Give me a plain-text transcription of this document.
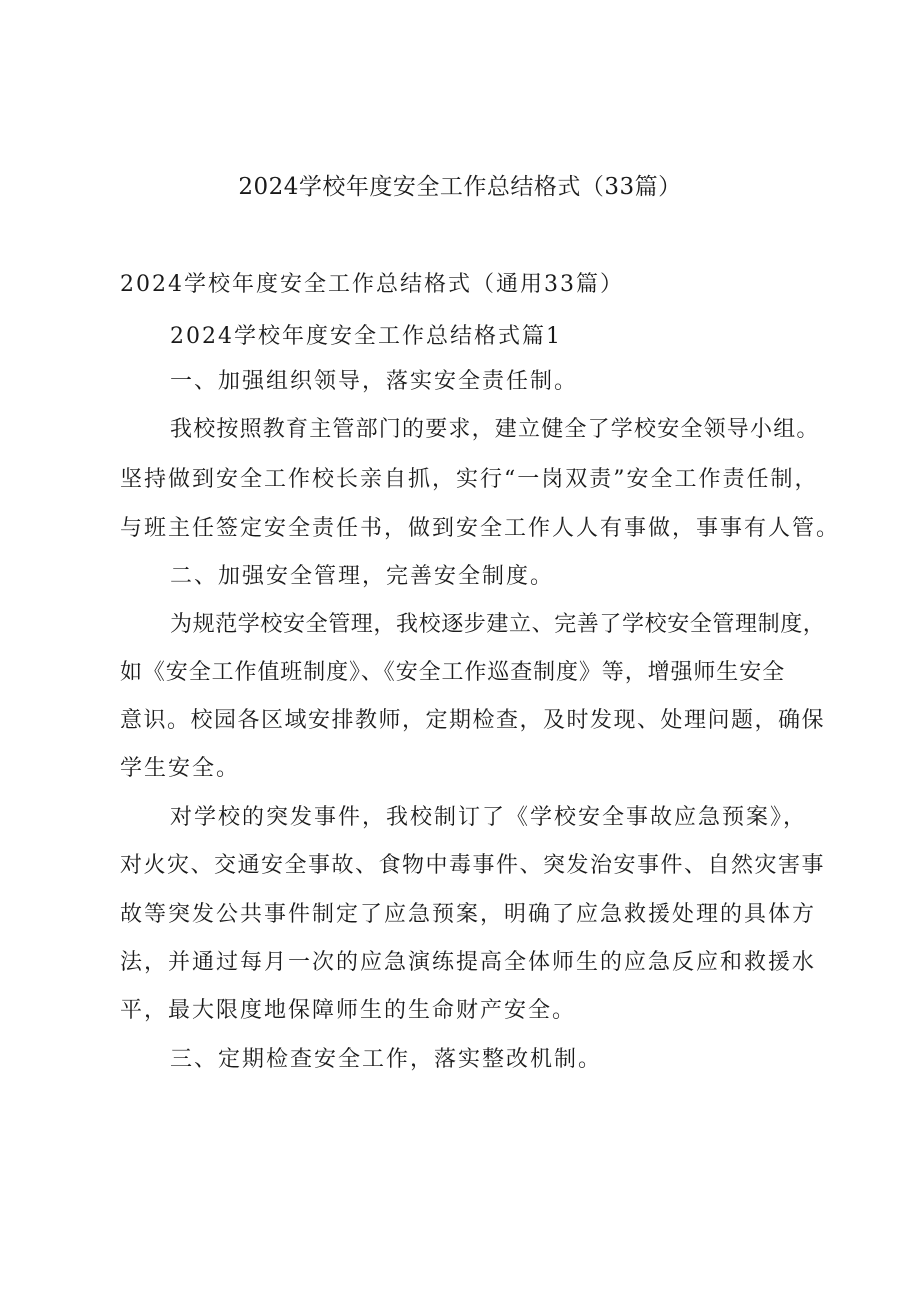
2024学校年度安全工作总结格式（33篇）
2024学校年度安全工作总结格式（通用33篇）
2024学校年度安全工作总结格式篇1
一、加强组织领导，落实安全责任制。
我校按照教育主管部门的要求，建立健全了学校安全领导小组。
坚持做到安全工作校长亲自抓，实行“一岗双责”安全工作责任制，
与班主任签定安全责任书，做到安全工作人人有事做，事事有人管。
二、加强安全管理，完善安全制度。
为规范学校安全管理，我校逐步建立、完善了学校安全管理制度，
如《安全工作值班制度》、《安全工作巡查制度》等，增强师生安全
意识。校园各区域安排教师，定期检查，及时发现、处理问题，确保
学生安全。
对学校的突发事件，我校制订了《学校安全事故应急预案》，
对火灾、交通安全事故、食物中毒事件、突发治安事件、自然灾害事
故等突发公共事件制定了应急预案，明确了应急救援处理的具体方
法，并通过每月一次的应急演练提高全体师生的应急反应和救援水
平，最大限度地保障师生的生命财产安全。
三、定期检查安全工作，落实整改机制。
